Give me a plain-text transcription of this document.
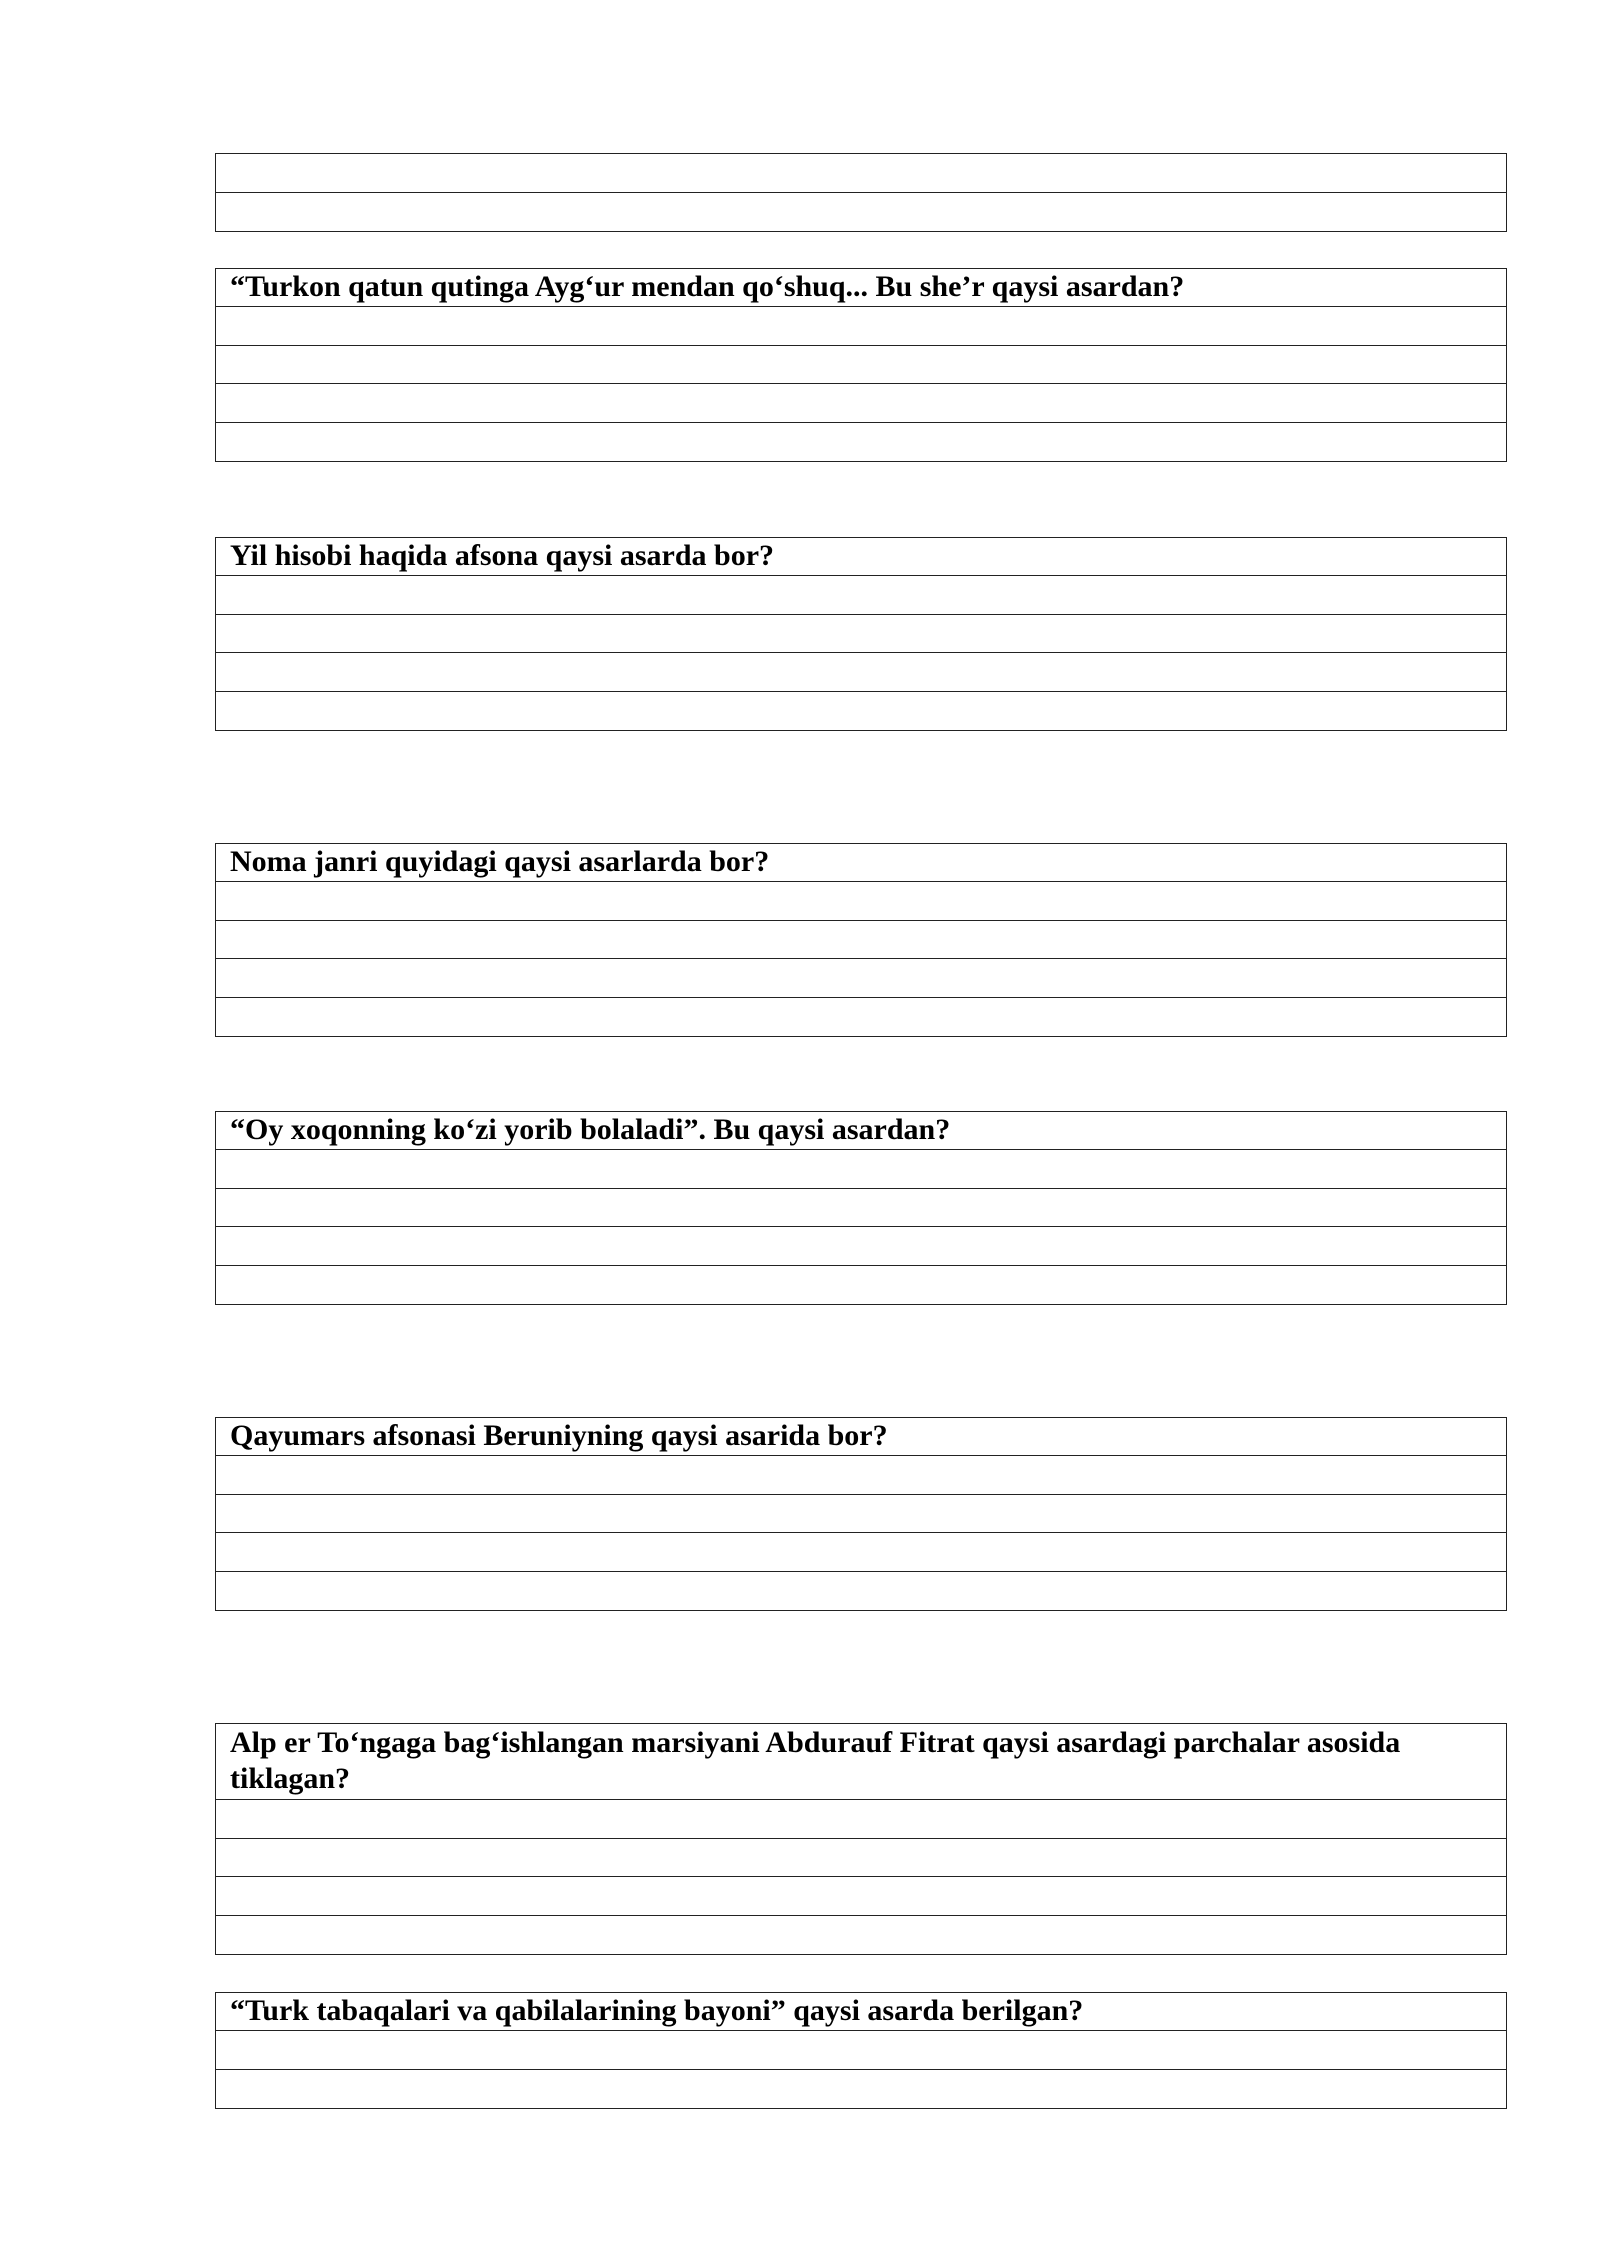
“Turkon qatun qutinga Ayg‘ur mendan qo‘shuq... Bu she’r qaysi asardan?
Yil hisobi haqida afsona qaysi asarda bor?
Noma janri quyidagi qaysi asarlarda bor?
“Oy xoqonning ko‘zi yorib bolaladi”. Bu qaysi asardan?
Qayumars afsonasi Beruniyning qaysi asarida bor?
Alp er To‘ngaga bag‘ishlangan marsiyani Abdurauf Fitrat qaysi asardagi parchalar asosida tiklagan?
“Turk tabaqalari va qabilalarining bayoni” qaysi asarda berilgan?
